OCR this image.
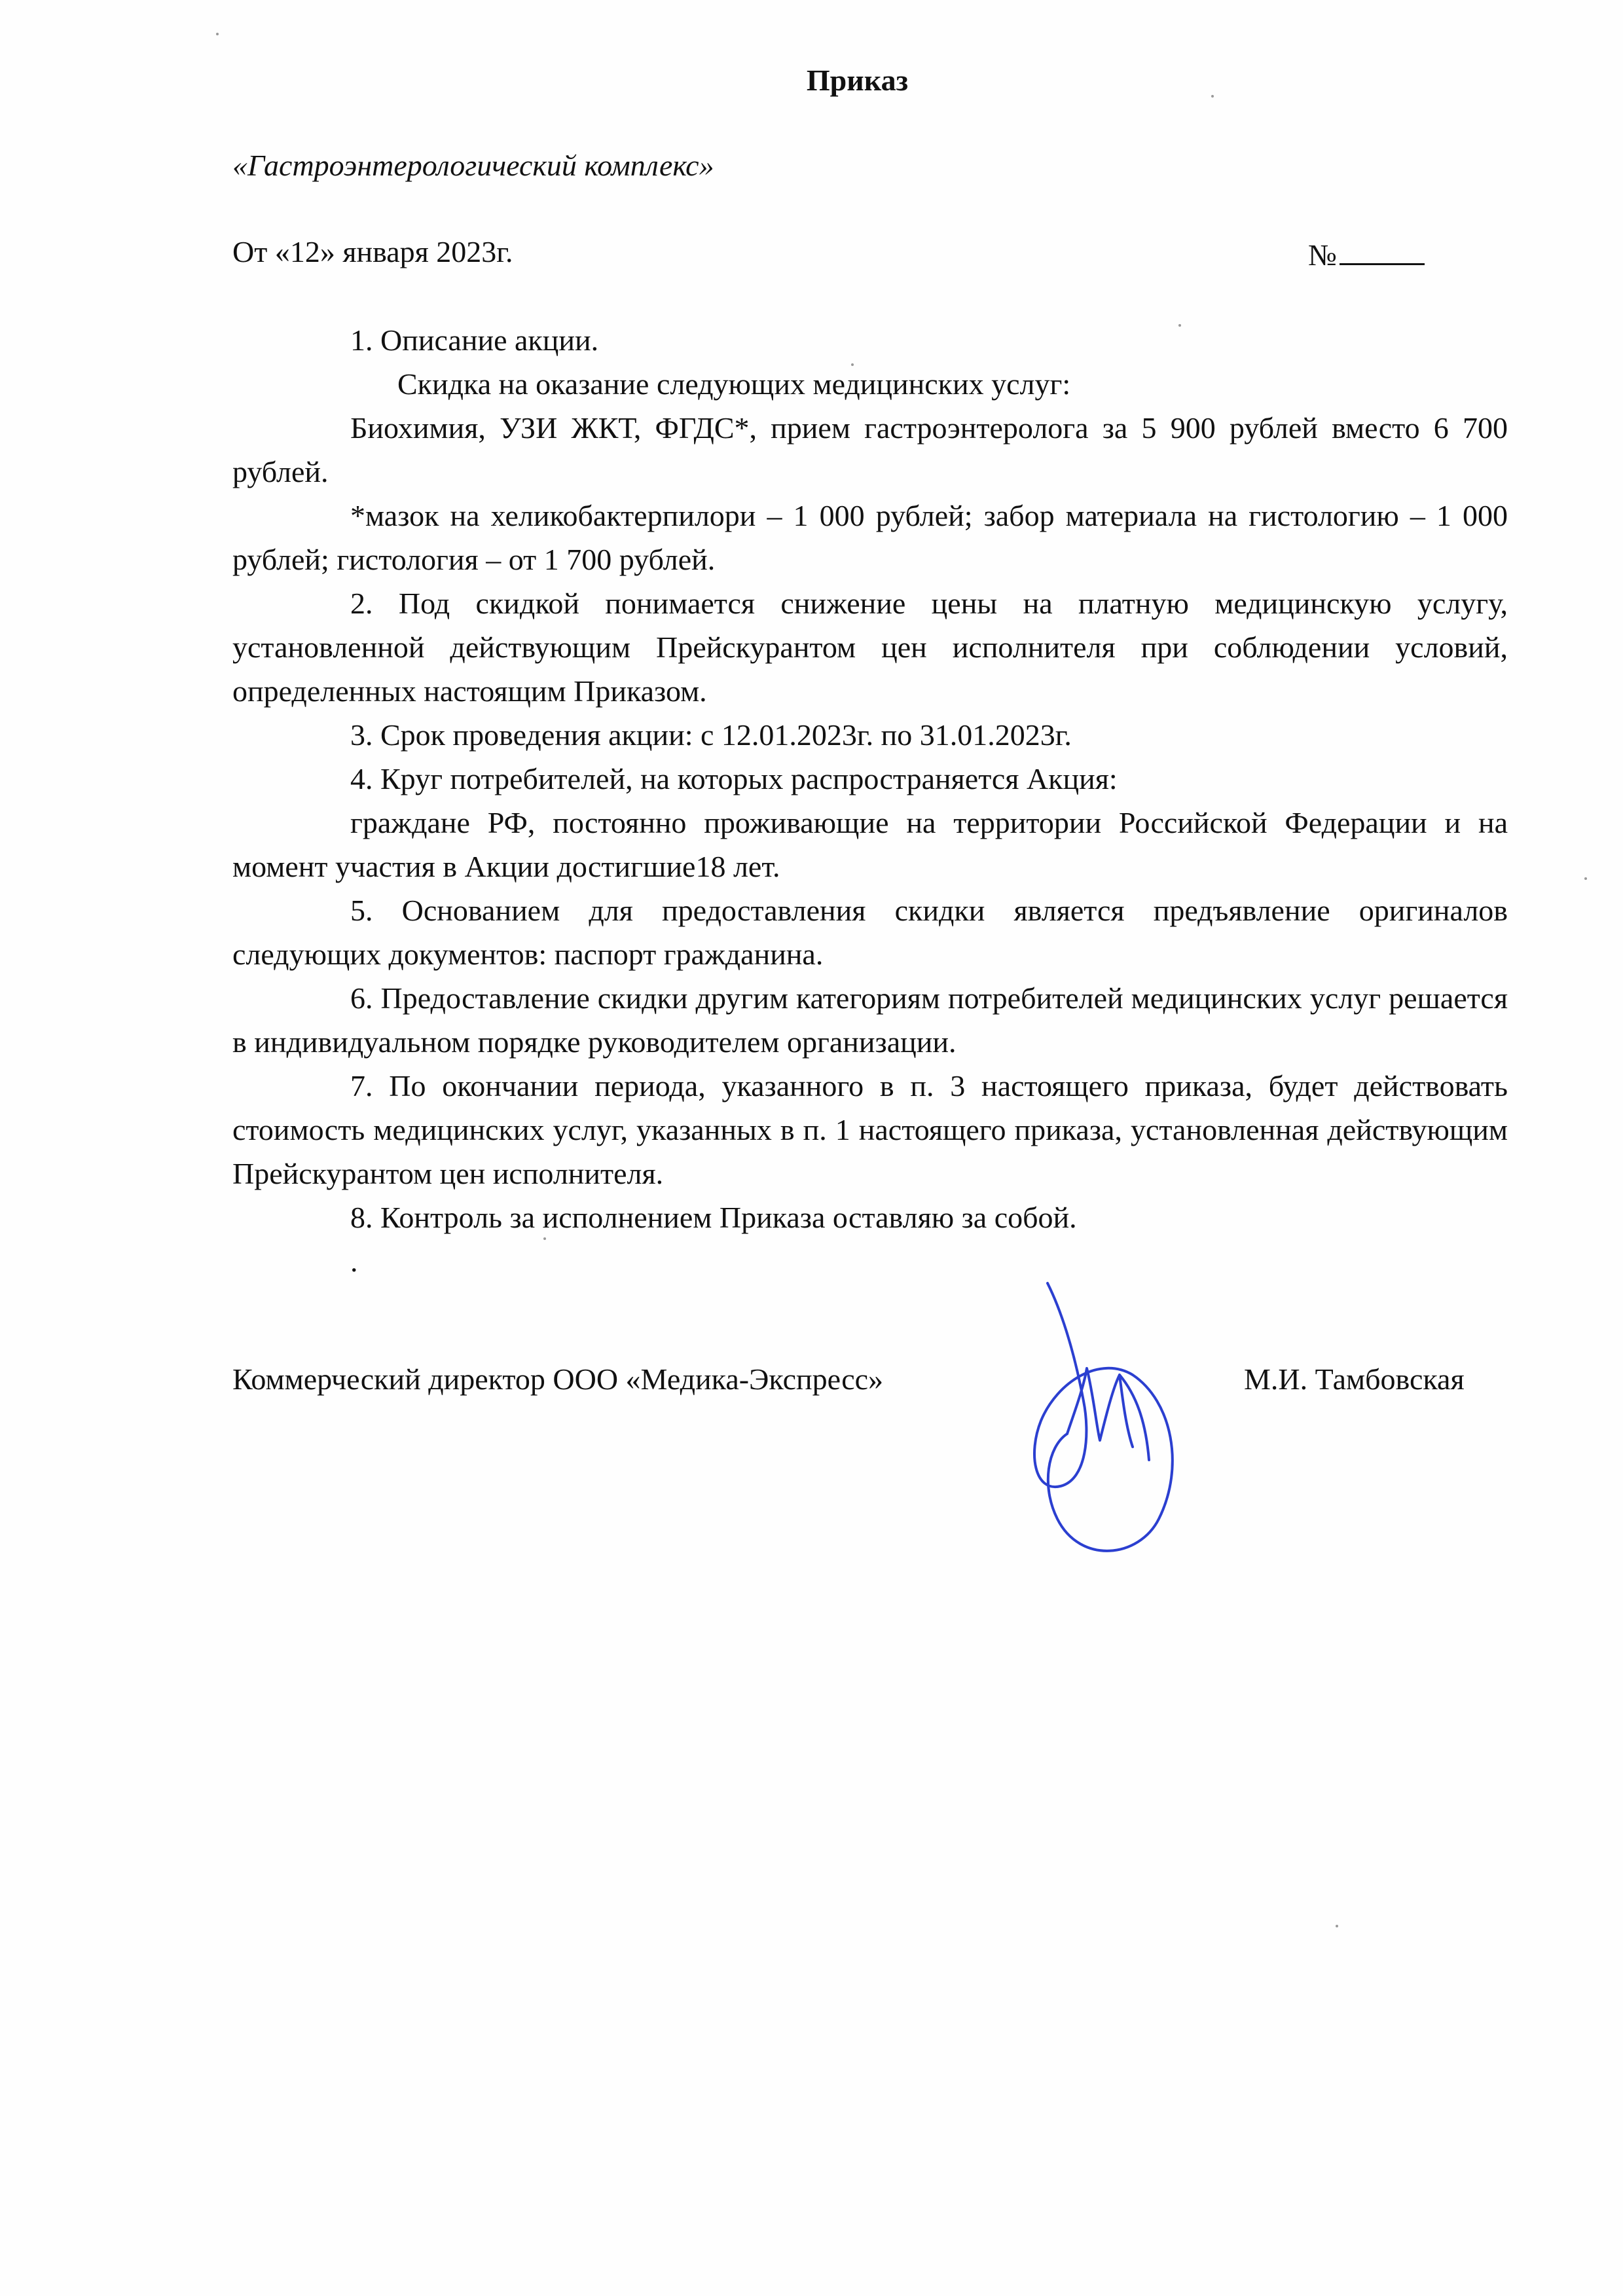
Приказ
«Гастроэнтерологический комплекс»
От «12» января 2023г.	№

1. Описание акции.

Скидка на оказание следующих медицинских услуг:

Биохимия, УЗИ ЖКТ, ФГДС*, прием гастроэнтеролога за 5 900 рублей вместо 6 700 рублей.

*мазок на хеликобактерпилори – 1 000 рублей; забор материала на гистологию – 1 000 рублей; гистология – от 1 700 рублей.

2. Под скидкой понимается снижение цены на платную медицинскую услугу, установленной действующим Прейскурантом цен исполнителя при соблюдении условий, определенных настоящим Приказом.

3. Срок проведения акции: с 12.01.2023г. по 31.01.2023г.

4. Круг потребителей, на которых распространяется Акция:

граждане РФ, постоянно проживающие на территории Российской Федерации и на момент участия в Акции достигшие18 лет.

5. Основанием для предоставления скидки является предъявление оригиналов следующих документов: паспорт гражданина.

6. Предоставление скидки другим категориям потребителей медицинских услуг решается в индивидуальном порядке руководителем организации.

7. По окончании периода, указанного в п. 3 настоящего приказа, будет действовать стоимость медицинских услуг, указанных в п. 1 настоящего приказа, установленная действующим Прейскурантом цен исполнителя.

8. Контроль за исполнением Приказа оставляю за собой.

.

Коммерческий директор ООО «Медика-Экспресс»	М.И. Тамбовская
